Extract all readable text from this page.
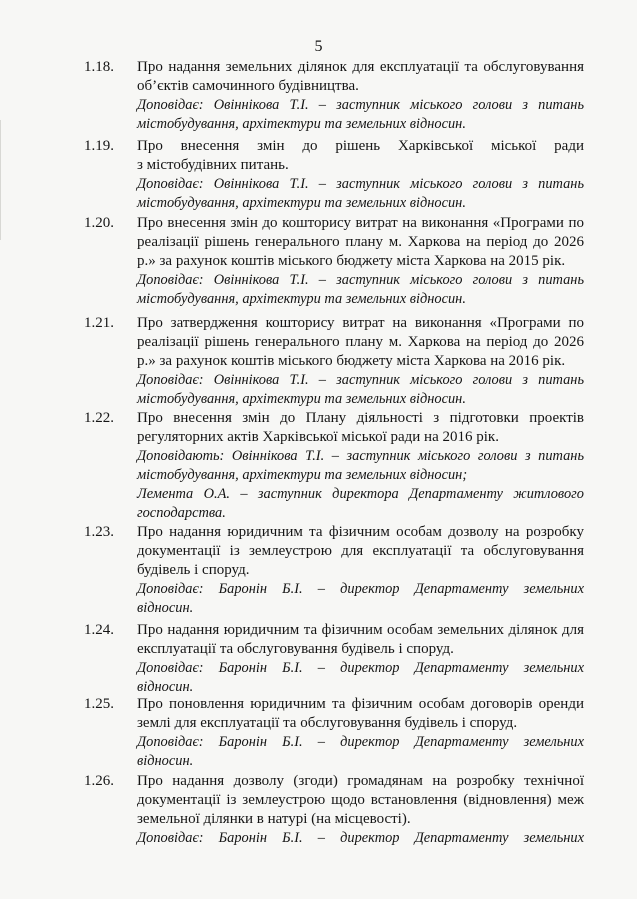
5
1.18. Про надання земельних ділянок для експлуатації та обслуговування

об’єктів самочинного будівництва.

Доповідає: Овіннікова Т.І. – заступник міського голови з питань

містобудування, архітектури та земельних відносин.

1.19. Про внесення змін до рішень Харківської міської ради

з містобудівних питань.

Доповідає: Овіннікова Т.І. – заступник міського голови з питань

містобудування, архітектури та земельних відносин.

1.20. Про внесення змін до кошторису витрат на виконання «Програми по

реалізації рішень генерального плану м. Харкова на період до 2026

р.» за рахунок коштів міського бюджету міста Харкова на 2015 рік.

Доповідає: Овіннікова Т.І. – заступник міського голови з питань

містобудування, архітектури та земельних відносин.

1.21. Про затвердження кошторису витрат на виконання «Програми по

реалізації рішень генерального плану м. Харкова на період до 2026

р.» за рахунок коштів міського бюджету міста Харкова на 2016 рік.

Доповідає: Овіннікова Т.І. – заступник міського голови з питань

містобудування, архітектури та земельних відносин.

1.22. Про внесення змін до Плану діяльності з підготовки проектів

регуляторних актів Харківської міської ради на 2016 рік.

Доповідають: Овіннікова Т.І. – заступник міського голови з питань

містобудування, архітектури та земельних відносин;

Лемента О.А. – заступник директора Департаменту житлового

господарства.

1.23. Про надання юридичним та фізичним особам дозволу на розробку

документації із землеустрою для експлуатації та обслуговування

будівель і споруд.

Доповідає: Баронін Б.І. – директор Департаменту земельних

відносин.

1.24. Про надання юридичним та фізичним особам земельних ділянок для

експлуатації та обслуговування будівель і споруд.

Доповідає: Баронін Б.І. – директор Департаменту земельних

відносин.

1.25. Про поновлення юридичним та фізичним особам договорів оренди

землі для експлуатації та обслуговування будівель і споруд.

Доповідає: Баронін Б.І. – директор Департаменту земельних

відносин.

1.26. Про надання дозволу (згоди) громадянам на розробку технічної

документації із землеустрою щодо встановлення (відновлення) меж

земельної ділянки в натурі (на місцевості).

Доповідає: Баронін Б.І. – директор Департаменту земельних
